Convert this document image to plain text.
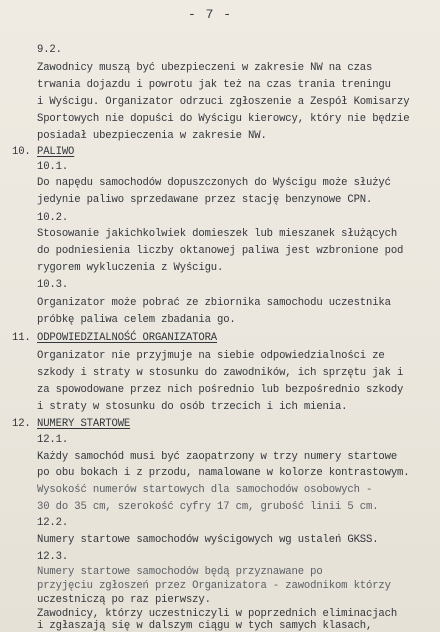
- 7 -
9.2.
Zawodnicy muszą być ubezpieczeni w zakresie NW na czas
trwania dojazdu i powrotu jak też na czas trania treningu
i Wyścigu. Organizator odrzuci zgłoszenie a Zespół Komisarzy
Sportowych nie dopuści do Wyścigu kierowcy, który nie będzie
posiadał ubezpieczenia w zakresie NW.
10. PALIWO
10.1.
Do napędu samochodów dopuszczonych do Wyścigu może służyć
jedynie paliwo sprzedawane przez stację benzynowe CPN.
10.2.
Stosowanie jakichkolwiek domieszek lub mieszanek służących
do podniesienia liczby oktanowej paliwa jest wzbronione pod
rygorem wykluczenia z Wyścigu.
10.3.
Organizator może pobrać ze zbiornika samochodu uczestnika
próbkę paliwa celem zbadania go.
11. ODPOWIEDZIALNOŚĆ ORGANIZATORA
Organizator nie przyjmuje na siebie odpowiedzialności ze
szkody i straty w stosunku do zawodników, ich sprzętu jak i
za spowodowane przez nich pośrednio lub bezpośrednio szkody
i straty w stosunku do osób trzecich i ich mienia.
12. NUMERY STARTOWE
12.1.
Każdy samochód musi być zaopatrzony w trzy numery startowe
po obu bokach i z przodu, namalowane w kolorze kontrastowym.
Wysokość numerów startowych dla samochodów osobowych -
30 do 35 cm, szerokość cyfry 17 cm, grubość linii 5 cm.
12.2.
Numery startowe samochodów wyścigowych wg ustaleń GKSS.
12.3.
Numery startowe samochodów będą przyznawane po
przyjęciu zgłoszeń przez Organizatora - zawodnikom którzy
uczestniczą po raz pierwszy.
Zawodnicy, którzy uczestniczyli w poprzednich eliminacjach
i zgłaszają się w dalszym ciągu w tych samych klasach,
